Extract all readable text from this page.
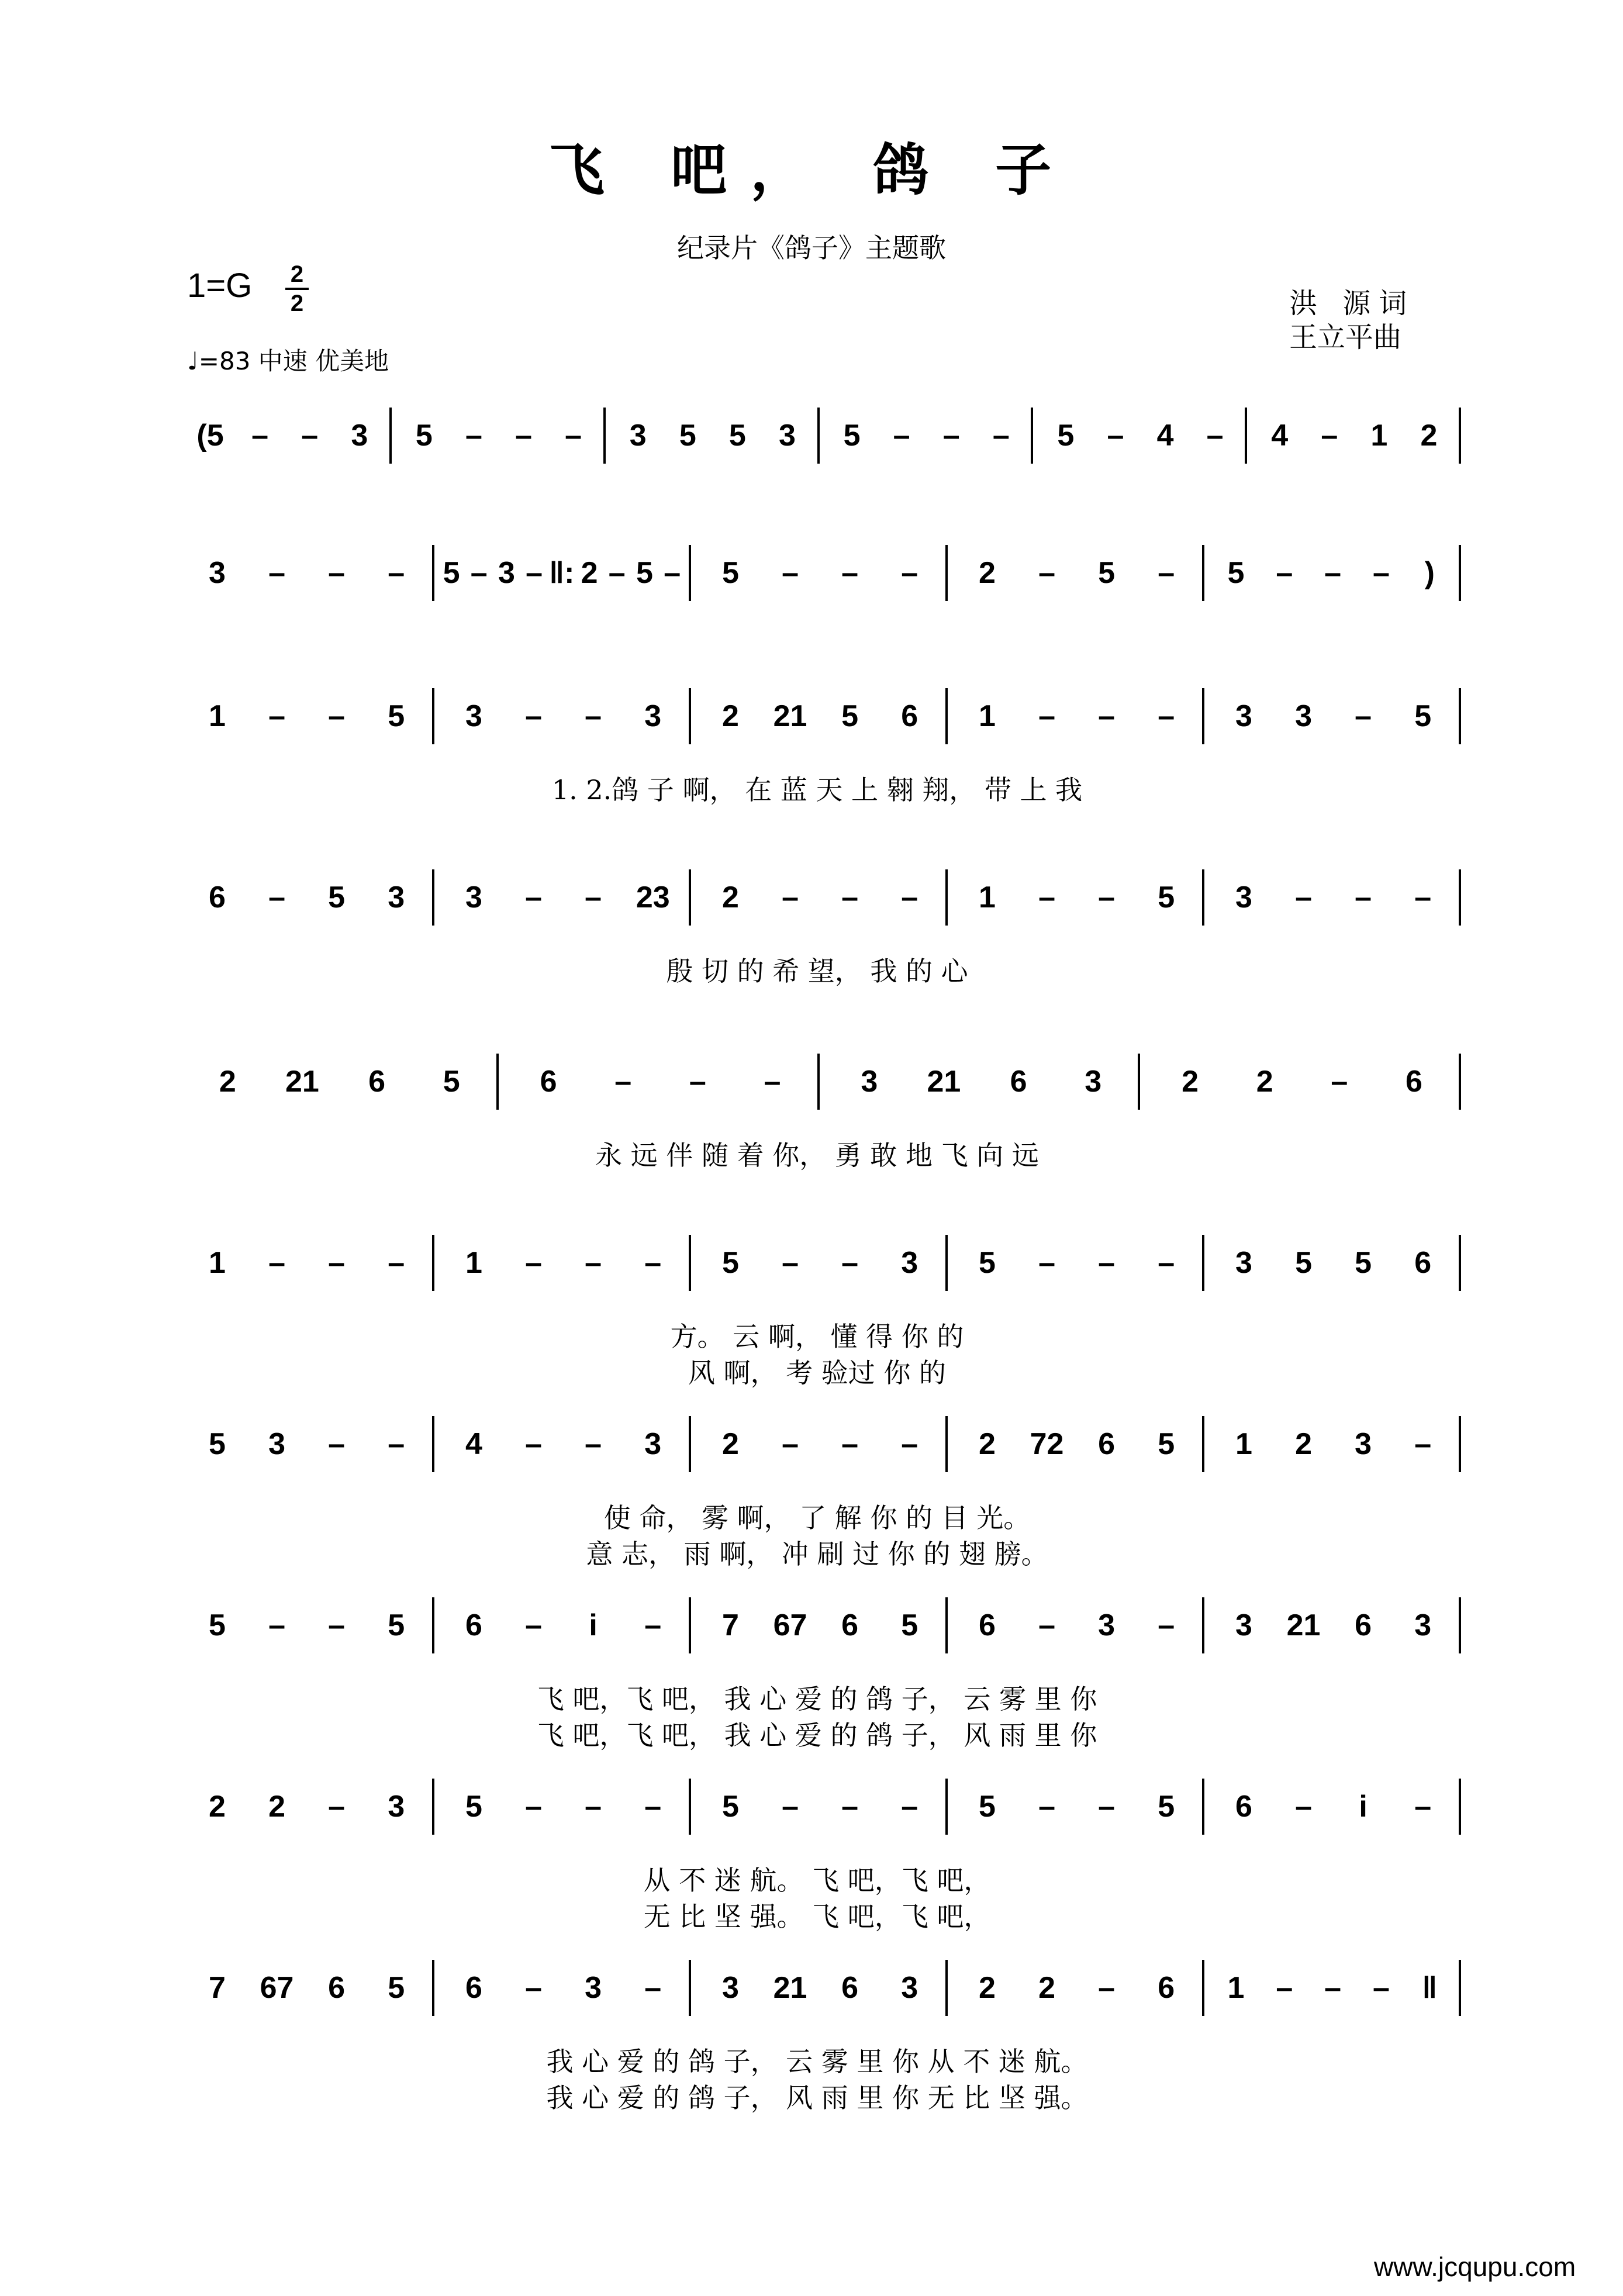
飞 吧， 鸽 子
纪录片《鸽子》主题歌
1=G 2
2
♩=83 中速 优美地
洪 源词
王立平曲
www.jcqupu.com
(5 – – 3 5 – – – 3 5 5 3 5 – – – 5 – 4 – 4 – 1 2
3 – – – 5 – 3 – ‖: 2 – 5 – 5 – – – 2 – 5 – 5 – – – )
1 – – 5 3 – – 3 2 21 5 6 1 – – – 3 3 – 5
1. 2.鸽 子 啊， 在 蓝 天 上 翱 翔， 带 上 我
6 – 5 3 3 – – 23 2 – – – 1 – – 5 3 – – –
殷 切 的 希 望， 我 的 心
2 21 6 5	6 – – –	3 21 6 3	2 2 – 6
永 远 伴 随 着 你， 勇 敢 地 飞 向 远
1 – – – 1 – – – 5 – – 3 5 – – – 3 5 5 6
方。 云 啊， 懂 得 你 的
风 啊， 考 验过 你 的
5 3 – – 4 – – 3 2 – – – 2 72 6 5 1 2 3 –
使 命， 雾 啊， 了 解 你 的 目 光。
意 志， 雨 啊， 冲 刷 过 你 的 翅 膀。
5 – – 5 6 – i – 7 67 6 5 6 – 3 – 3 21 6 3
飞 吧，飞 吧， 我 心 爱 的 鸽 子， 云 雾 里 你
飞 吧，飞 吧， 我 心 爱 的 鸽 子， 风 雨 里 你
2 2 – 3 5 – – – 5 – – – 5 – – 5 6 – i –
从 不 迷 航。 飞 吧，飞 吧，
无 比 坚 强。 飞 吧，飞 吧，
7 67 6 5 6 – 3 – 3 21 6 3 2 2 – 6 1 – – – ‖
我 心 爱 的 鸽 子， 云 雾 里 你 从 不 迷 航。
我 心 爱 的 鸽 子， 风 雨 里 你 无 比 坚 强。
